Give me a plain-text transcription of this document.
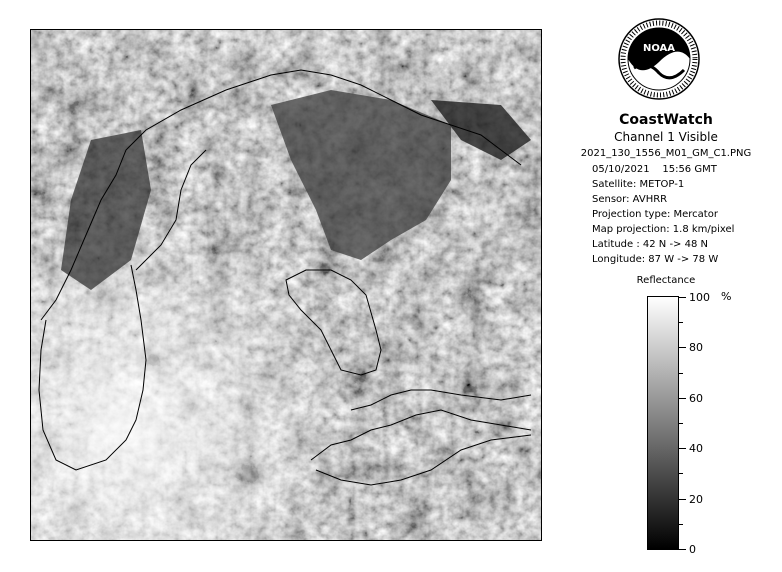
NOAA
CoastWatch
Channel 1 Visible
2021_130_1556_M01_GM_C1.PNG
05/10/2021    15:56 GMT
Satellite: METOP-1
Sensor: AVHRR
Projection type: Mercator
Map projection: 1.8 km/pixel
Latitude : 42 N -> 48 N
Longitude: 87 W -> 78 W
Reflectance
100
80
60
40
20
0
%
